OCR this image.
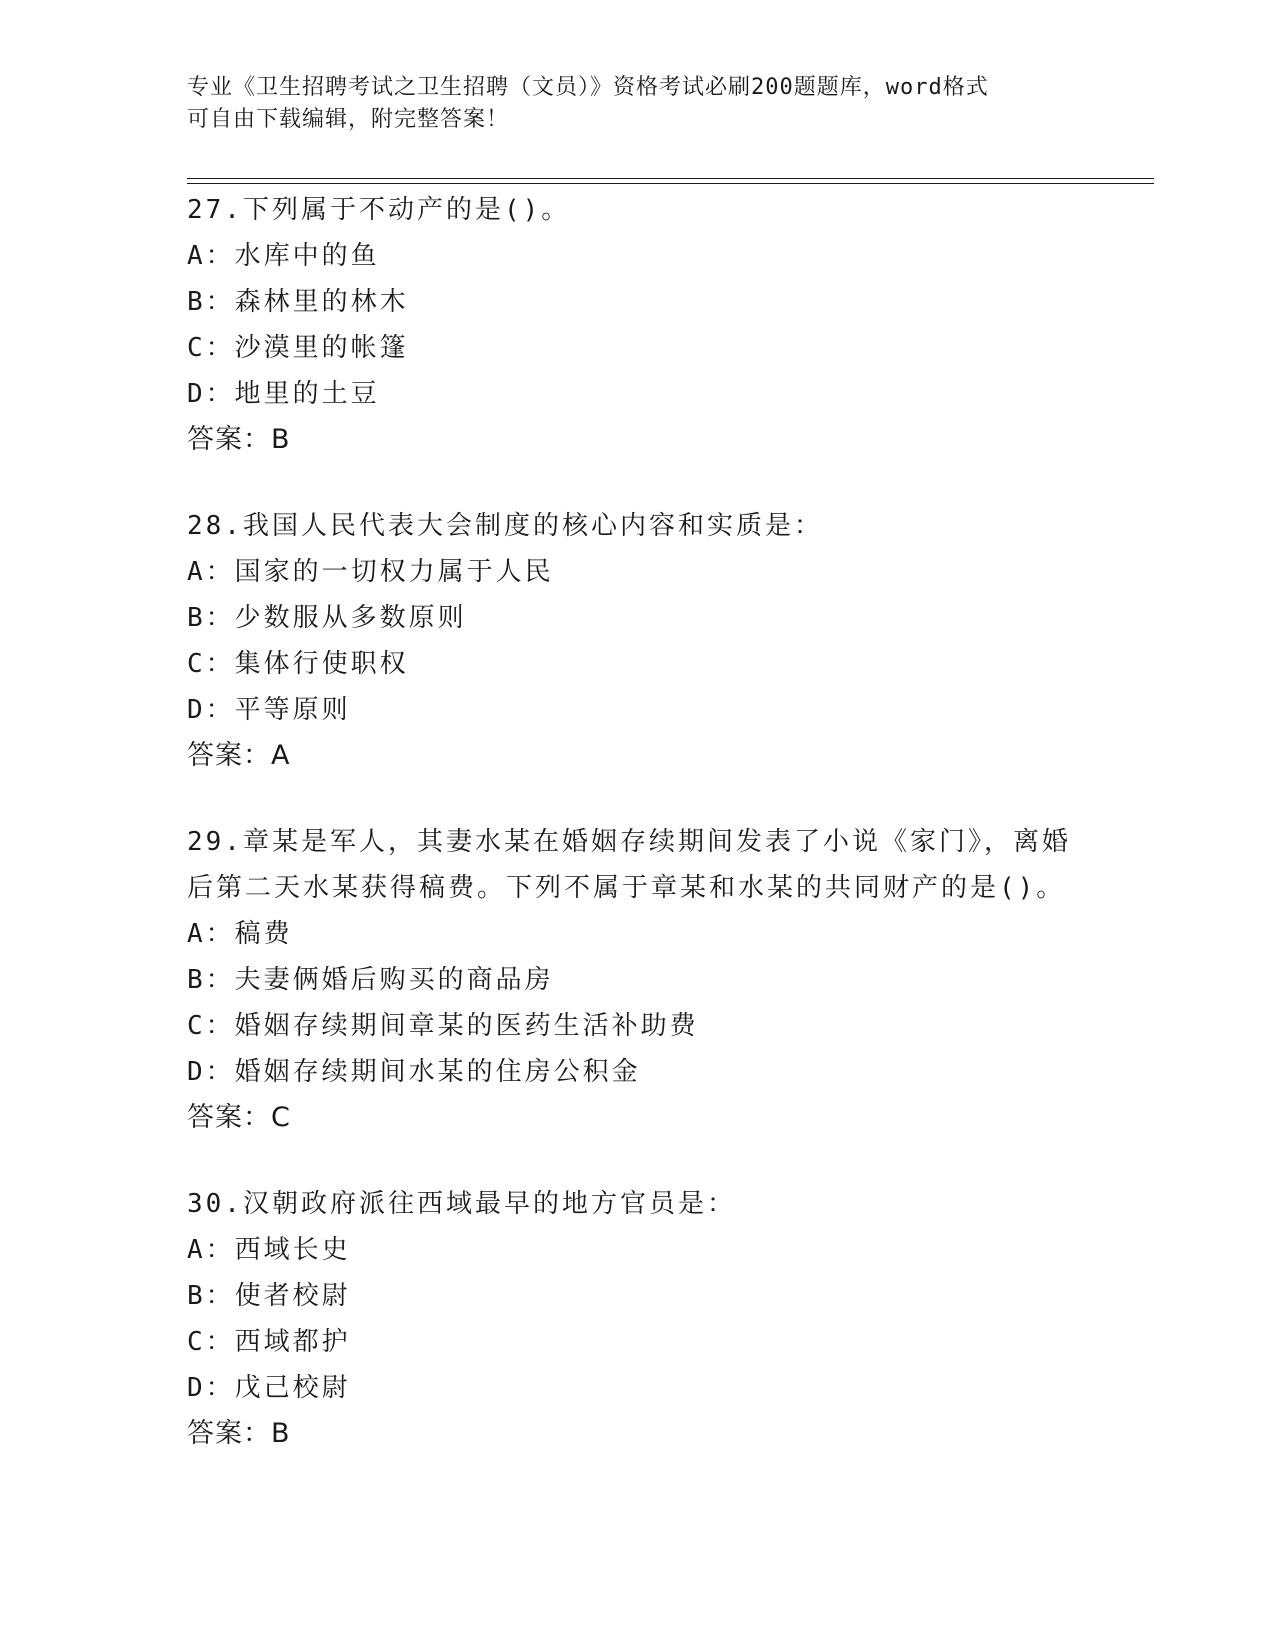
专业《卫生招聘考试之卫生招聘（文员）》资格考试必刷200题题库，word格式
可自由下载编辑，附完整答案！
27.下列属于不动产的是()。
A：水库中的鱼
B：森林里的林木
C：沙漠里的帐篷
D：地里的土豆
答案：B
28.我国人民代表大会制度的核心内容和实质是：
A：国家的一切权力属于人民
B：少数服从多数原则
C：集体行使职权
D：平等原则
答案：A
29.章某是军人，其妻水某在婚姻存续期间发表了小说《家门》，离婚
后第二天水某获得稿费。下列不属于章某和水某的共同财产的是()。
A：稿费
B：夫妻俩婚后购买的商品房
C：婚姻存续期间章某的医药生活补助费
D：婚姻存续期间水某的住房公积金
答案：C
30.汉朝政府派往西域最早的地方官员是：
A：西域长史
B：使者校尉
C：西域都护
D：戊己校尉
答案：B
